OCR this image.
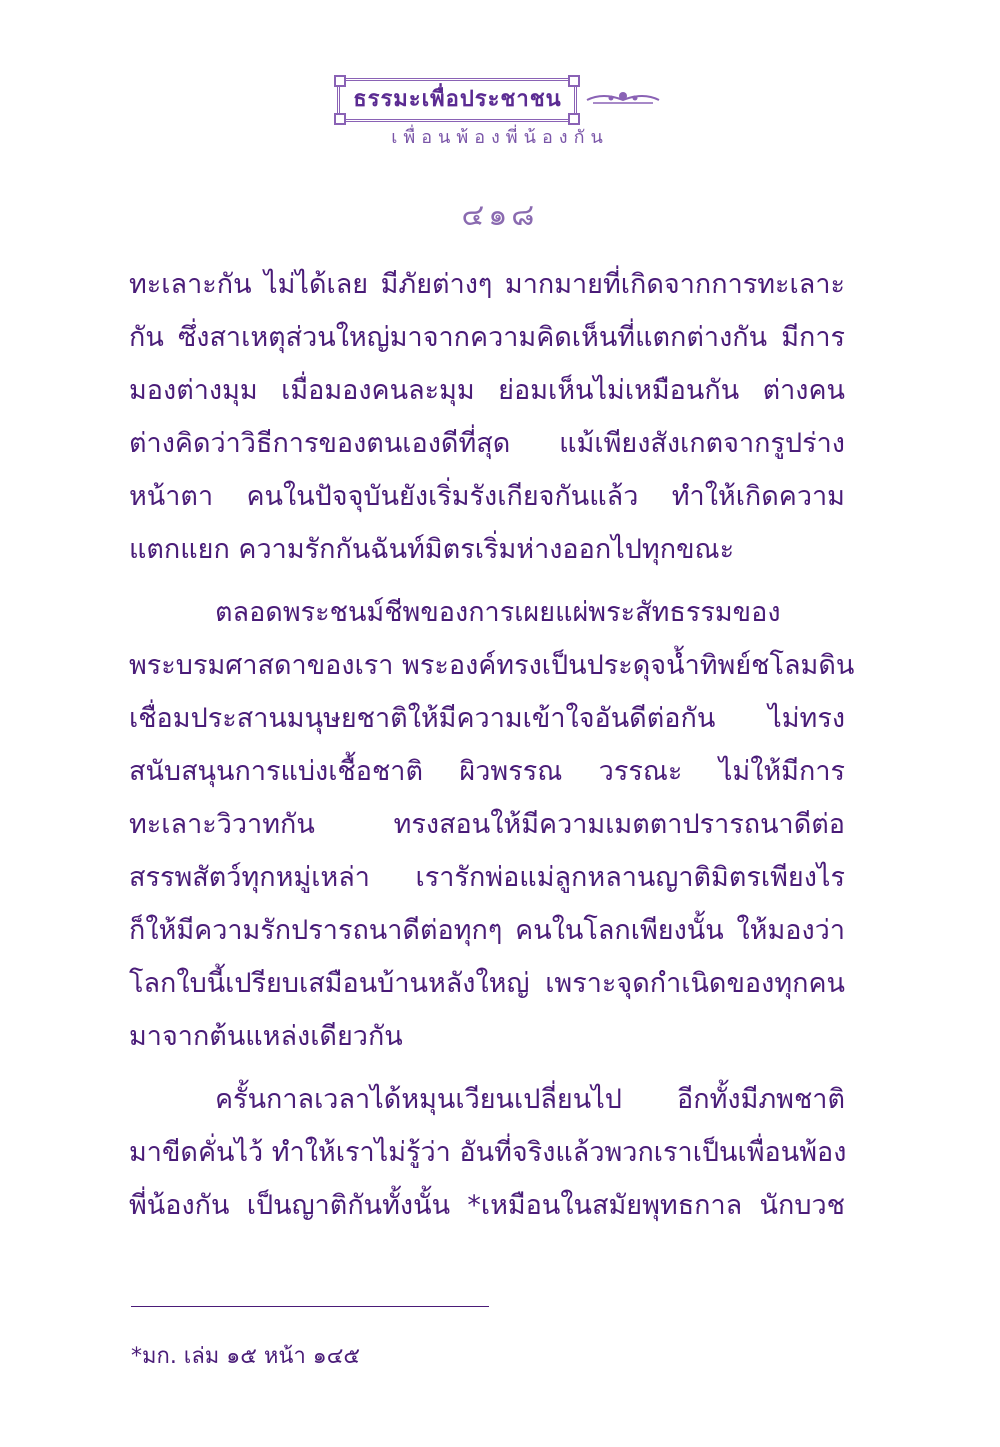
ธรรมะเพื่อประชาชน
เพื่อนพ้องพี่น้องกัน
๔๑๘
ทะเลาะกัน ไม่ได้เลย มีภัยต่างๆ มากมายที่เกิดจากการทะเลาะ
กัน ซึ่งสาเหตุส่วนใหญ่มาจากความคิดเห็นที่แตกต่างกัน มีการ
มองต่างมุม เมื่อมองคนละมุม ย่อมเห็นไม่เหมือนกัน ต่างคน
ต่างคิดว่าวิธีการของตนเองดีที่สุด แม้เพียงสังเกตจากรูปร่าง
หน้าตา คนในปัจจุบันยังเริ่มรังเกียจกันแล้ว ทำให้เกิดความ
แตกแยก ความรักกันฉันท์มิตรเริ่มห่างออกไปทุกขณะ
ตลอดพระชนม์ชีพของการเผยแผ่พระสัทธรรมของ
พระบรมศาสดาของเรา พระองค์ทรงเป็นประดุจน้ำทิพย์ชโลมดิน
เชื่อมประสานมนุษยชาติให้มีความเข้าใจอันดีต่อกัน ไม่ทรง
สนับสนุนการแบ่งเชื้อชาติ ผิวพรรณ วรรณะ ไม่ให้มีการ
ทะเลาะวิวาทกัน ทรงสอนให้มีความเมตตาปรารถนาดีต่อ
สรรพสัตว์ทุกหมู่เหล่า เรารักพ่อแม่ลูกหลานญาติมิตรเพียงไร
ก็ให้มีความรักปรารถนาดีต่อทุกๆ คนในโลกเพียงนั้น ให้มองว่า
โลกใบนี้เปรียบเสมือนบ้านหลังใหญ่ เพราะจุดกำเนิดของทุกคน
มาจากต้นแหล่งเดียวกัน
ครั้นกาลเวลาได้หมุนเวียนเปลี่ยนไป อีกทั้งมีภพชาติ
มาขีดคั่นไว้ ทำให้เราไม่รู้ว่า อันที่จริงแล้วพวกเราเป็นเพื่อนพ้อง
พี่น้องกัน เป็นญาติกันทั้งนั้น *เหมือนในสมัยพุทธกาล นักบวช
*มก. เล่ม ๑๕ หน้า ๑๔๕
